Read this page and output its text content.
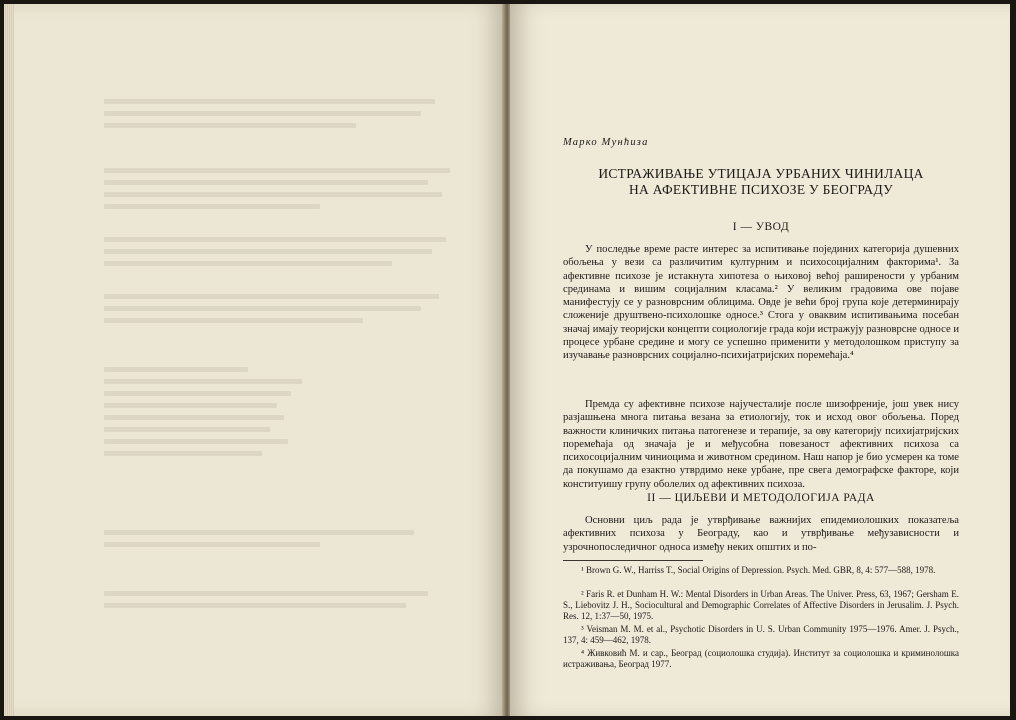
Марко Мунћиза
ИСТРАЖИВАЊЕ УТИЦАЈА УРБАНИХ ЧИНИЛАЦА
НА АФЕКТИВНЕ ПСИХОЗЕ У БЕОГРАДУ
I — УВОД
У последње време расте интерес за испитивање појединих категорија душевних обољења у вези са различитим културним и психосоцијалним факторима¹. За афективне психозе је истакнута хипотеза о њиховој већој раширености у урбаним срединама и вишим социјалним класама.² У великим градовима ове појаве манифестују се у разноврсним облицима. Овде је већи број група које детерминирају сложеније друштвено-психолошке односе.³ Стога у оваквим испитивањима посебан значај имају теоријски концепти социологије града који истражују разноврсне односе и процесе урбане средине и могу се успешно применити у методолошком приступу за изучавање разноврсних социјално-психијатријских поремећаја.⁴
Премда су афективне психозе најучесталије после шизофреније, још увек нису разјашњена многа питања везана за етиологију, ток и исход овог обољења. Поред важности клиничких питања патогенезе и терапије, за ову категорију психијатријских поремећаја од значаја је и међусобна повезаност афективних психоза са психосоцијалним чиниоцима и животном средином. Наш напор је био усмерен ка томе да покушамо да езактно утврдимо неке урбане, пре свега демографске факторе, који конституишу групу оболелих од афективних психоза.
II — ЦИЉЕВИ И МЕТОДОЛОГИЈА РАДА
Основни циљ рада је утврђивање важнијих епидемиолошких показатеља афективних психоза у Београду, као и утврђивање међузависности и узрочнопоследичног односа између неких општих и по-
¹ Brown G. W., Harriss T., Social Origins of Depression. Psych. Med. GBR, 8, 4: 577—588, 1978.
² Faris R. et Dunham H. W.: Mental Disorders in Urban Areas. The Univer. Press, 63, 1967; Gersham E. S., Liebovitz J. H., Sociocultural and Demographic Correlates of Affective Disorders in Jerusalim. J. Psych. Res. 12, 1:37—50, 1975.
³ Veisman M. M. et al., Psychotic Disorders in U. S. Urban Community 1975—1976. Amer. J. Psych., 137, 4: 459—462, 1978.
⁴ Живковић М. и сар., Београд (социолошка студија). Институт за социолошка и криминолошка истраживања, Београд 1977.
